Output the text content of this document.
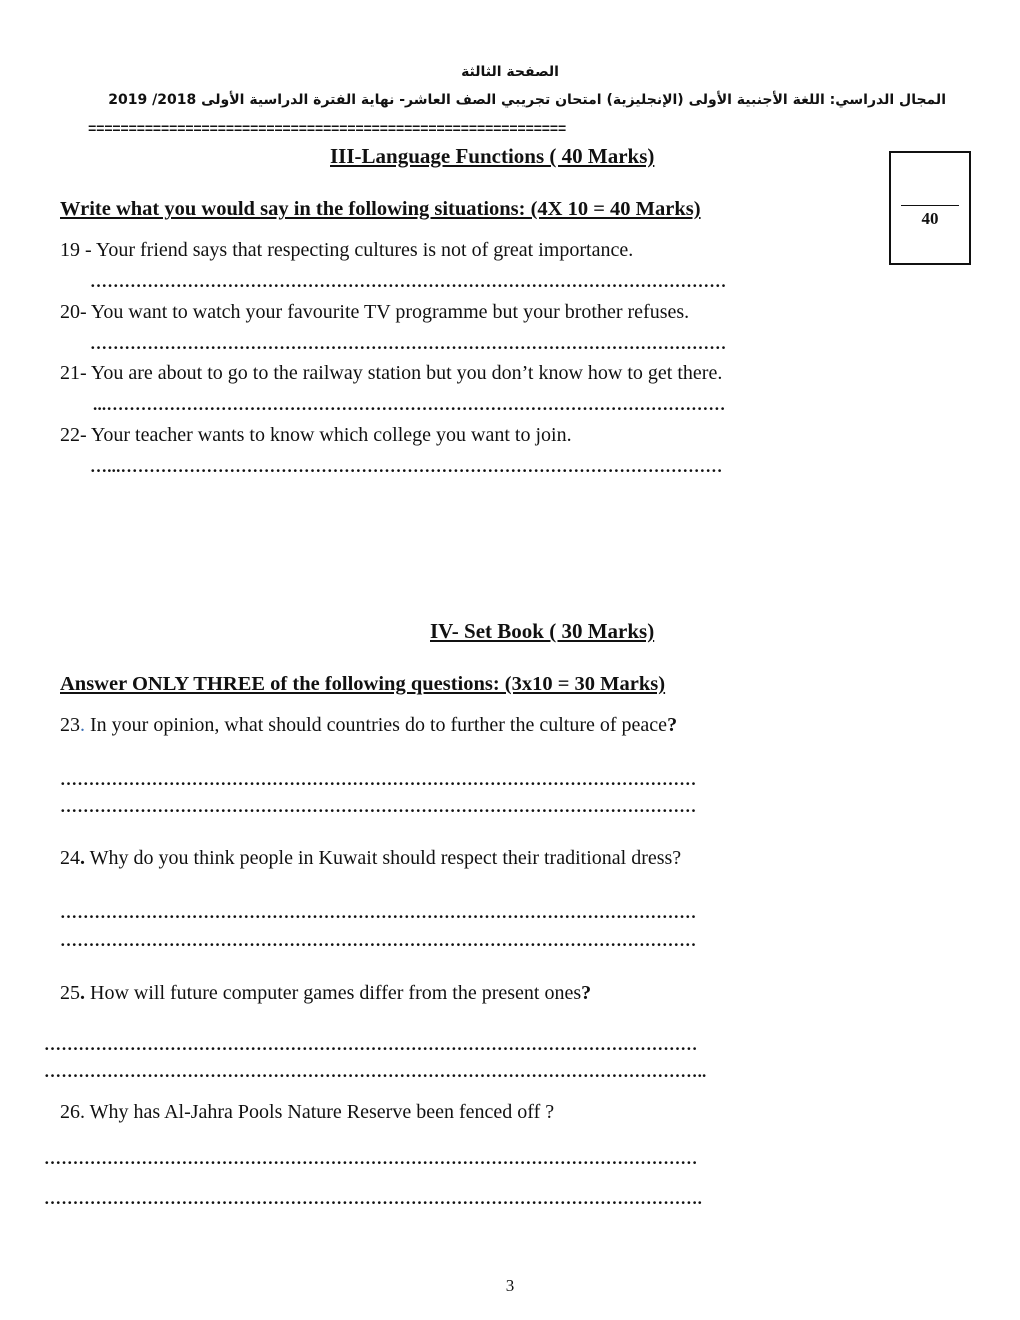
الصفحة الثالثة
المجال الدراسي: اللغة الأجنبية الأولى (الإنجليزية) امتحان تجريبي الصف العاشر- نهاية الفترة الدراسية الأولى 2018/ 2019
===========================================================
III-Language Functions ( 40 Marks)
Write what you would say in the following situations: (4X 10 = 40 Marks)	40
19 - Your friend says that respecting cultures is not of great importance.
…………………………………………………………………………………………………
20- You want to watch your favourite TV programme but your brother refuses.
…………………………………………………………………………………………………
21- You are about to go to the railway station but you don’t know how to get there.
...………………………………………………………………………………………………
22- Your teacher wants to know which college you want to join.
…...……………………………………………………………………………………………
IV- Set Book ( 30 Marks)
Answer ONLY THREE of the following questions: (3x10 = 30 Marks)
23. In your opinion, what should countries do to further the culture of peace?
…………………………………………………………………………………………………
…………………………………………………………………………………………………
24. Why do you think people in Kuwait should respect their traditional dress?
…………………………………………………………………………………………………
…………………………………………………………………………………………………
25. How will future computer games differ from the present ones?
……………………………………………………………………………………………………
……………………………………………………………………………………………………..
26. Why has Al-Jahra Pools Nature Reserve been fenced off ?
……………………………………………………………………………………………………
…………………………………………………………………………………………………….
3
